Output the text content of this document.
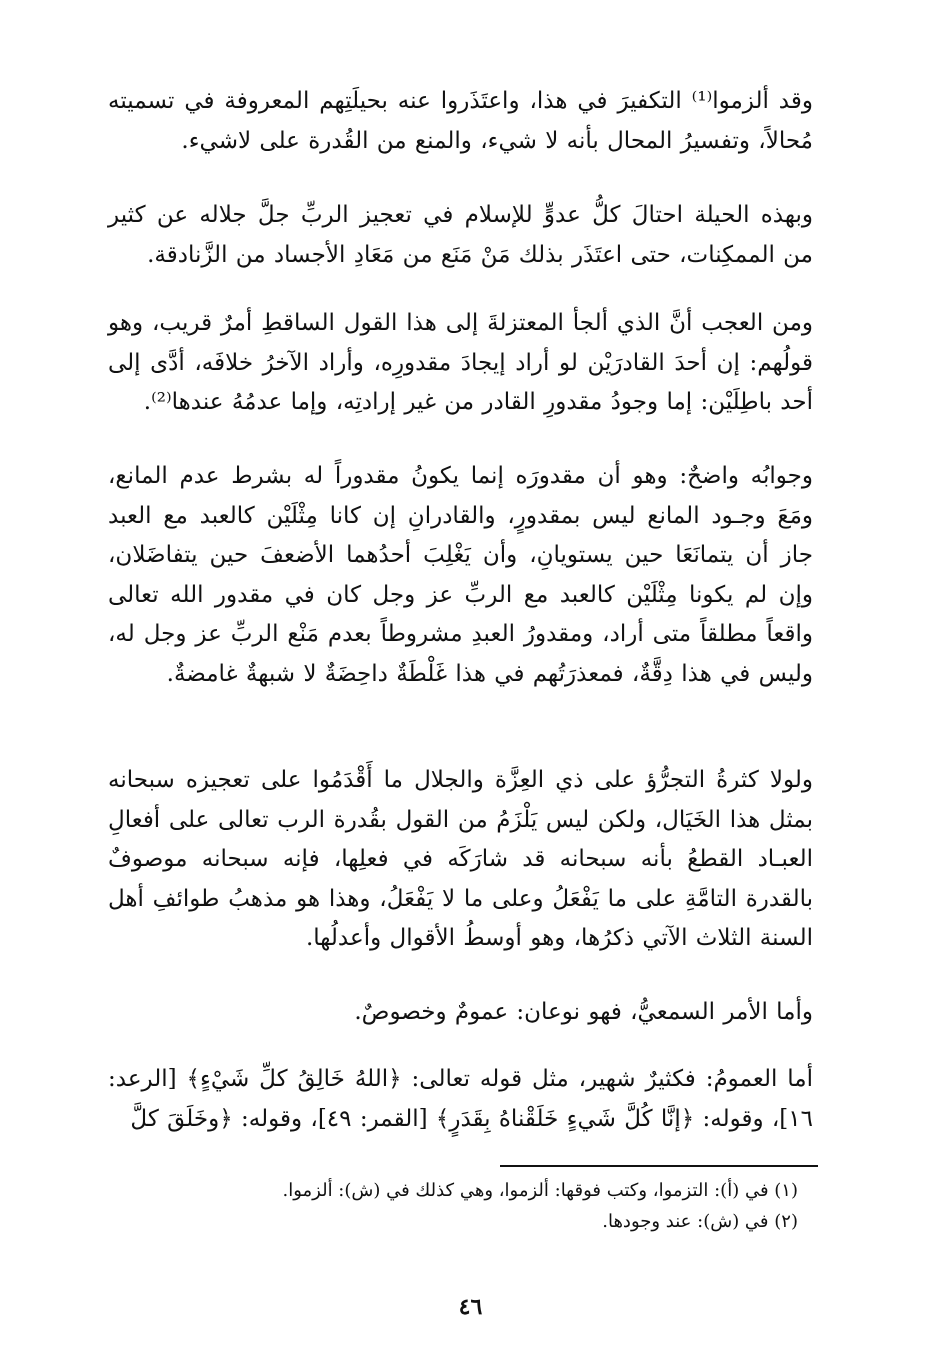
وقد ألزموا⁽¹⁾ التكفيرَ في هذا، واعتَذَروا عنه بحيلَتِهم المعروفة في تسميته مُحالاً، وتفسيرُ المحال بأنه لا شيء، والمنع من القُدرة على لاشيء.

وبهذه الحيلة احتالَ كلُّ عدوٍّ للإسلام في تعجيز الربِّ جلَّ جلاله عن كثير من الممكِنات، حتى اعتَذَر بذلك مَنْ مَنَع من مَعَادِ الأجساد من الزَّنادقة.

ومن العجب أنَّ الذي ألجأ المعتزلةَ إلى هذا القول الساقطِ أمرٌ قريب، وهو قولُهم: إن أحدَ القادرَيْن لو أراد إيجادَ مقدورِه، وأراد الآخرُ خلافَه، أدَّى إلى أحد باطِلَيْن: إما وجودُ مقدورِ القادر من غير إرادتِه، وإما عدمُهُ عندها⁽²⁾.

وجوابُه واضحٌ: وهو أن مقدورَه إنما يكونُ مقدوراً له بشرط عدم المانع، ومَعَ وجـود المانع ليس بمقدورٍ، والقادرانِ إن كانا مِثْلَيْن كالعبد مع العبد جاز أن يتمانَعَا حين يستويانِ، وأن يَغْلِبَ أحدُهما الأضعفَ حين يتفاضَلان، وإن لم يكونا مِثْلَيْن كالعبد مع الربِّ عز وجل كان في مقدور الله تعالى واقعاً مطلقاً متى أراد، ومقدورُ العبدِ مشروطاً بعدم مَنْع الربِّ عز وجل له، وليس في هذا دِقَّةٌ، فمعذرَتُهم في هذا غَلْطَةٌ داحِضَةٌ لا شبهةٌ غامضةٌ.

ولولا كثرةُ التجرُّؤ على ذي العِزَّة والجلال ما أَقْدَمُوا على تعجيزه سبحانه بمثل هذا الخَيَال، ولكن ليس يَلْزَمُ من القول بقُدرة الرب تعالى على أفعالِ العبـاد القطعُ بأنه سبحانه قد شارَكَه في فعلِها، فإنه سبحانه موصوفٌ بالقدرة التامَّةِ على ما يَفْعَلُ وعلى ما لا يَفْعَلُ، وهذا هو مذهبُ طوائفِ أهل السنة الثلاث الآتي ذكرُها، وهو أوسطُ الأقوال وأعدلُها.

وأما الأمر السمعيُّ، فهو نوعان: عمومٌ وخصوصٌ.

أما العمومُ: فكثيرٌ شهير، مثل قوله تعالى: ﴿اللهُ خَالِقُ كلِّ شَيْءٍ﴾ [الرعد: ١٦]، وقوله: ﴿إنَّا كُلَّ شَيءٍ خَلَقْناهُ بِقَدَرٍ﴾ [القمر: ٤٩]، وقوله: ﴿وخَلَقَ كلَّ

(١) في (أ): التزموا، وكتب فوقها: ألزموا، وهي كذلك في (ش): ألزموا.

(٢) في (ش): عند وجودها.

٤٦
